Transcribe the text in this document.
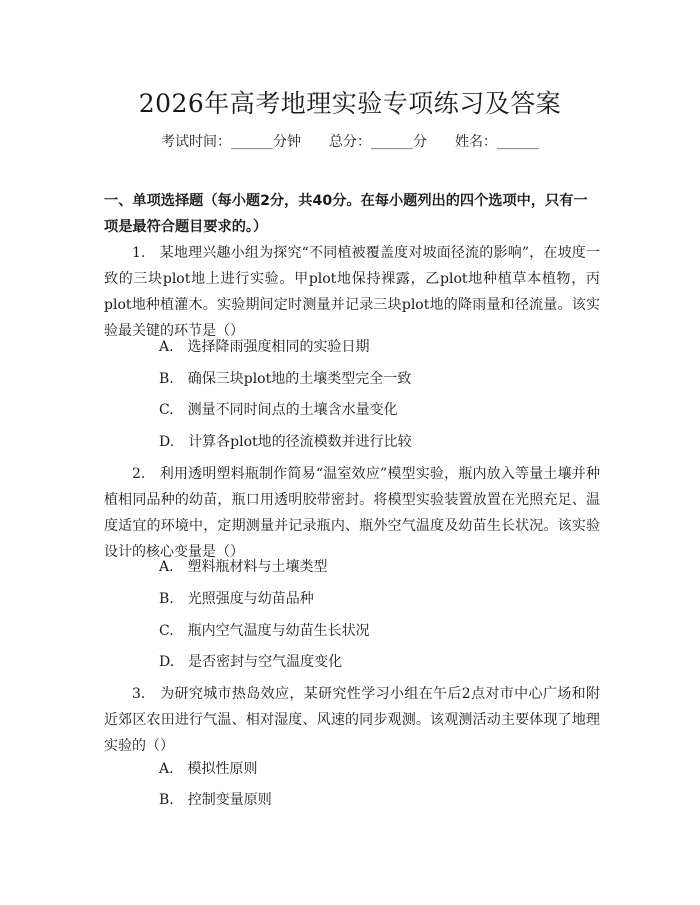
2026年高考地理实验专项练习及答案
考试时间：______分钟 总分：______分 姓名：______

一、单项选择题（每小题2分，共40分。在每小题列出的四个选项中，只有一项是最符合题目要求的。）

1.　某地理兴趣小组为探究“不同植被覆盖度对坡面径流的影响”，在坡度一致的三块plot地上进行实验。甲plot地保持裸露，乙plot地种植草本植物，丙plot地种植灌木。实验期间定时测量并记录三块plot地的降雨量和径流量。该实验最关键的环节是（）

A.　选择降雨强度相同的实验日期

B.　确保三块plot地的土壤类型完全一致

C.　测量不同时间点的土壤含水量变化

D.　计算各plot地的径流模数并进行比较

2.　利用透明塑料瓶制作简易“温室效应”模型实验，瓶内放入等量土壤并种植相同品种的幼苗，瓶口用透明胶带密封。将模型实验装置放置在光照充足、温度适宜的环境中，定期测量并记录瓶内、瓶外空气温度及幼苗生长状况。该实验设计的核心变量是（）

A.　塑料瓶材料与土壤类型

B.　光照强度与幼苗品种

C.　瓶内空气温度与幼苗生长状况

D.　是否密封与空气温度变化

3.　为研究城市热岛效应，某研究性学习小组在午后2点对市中心广场和附近郊区农田进行气温、相对湿度、风速的同步观测。该观测活动主要体现了地理实验的（）

A.　模拟性原则

B.　控制变量原则
